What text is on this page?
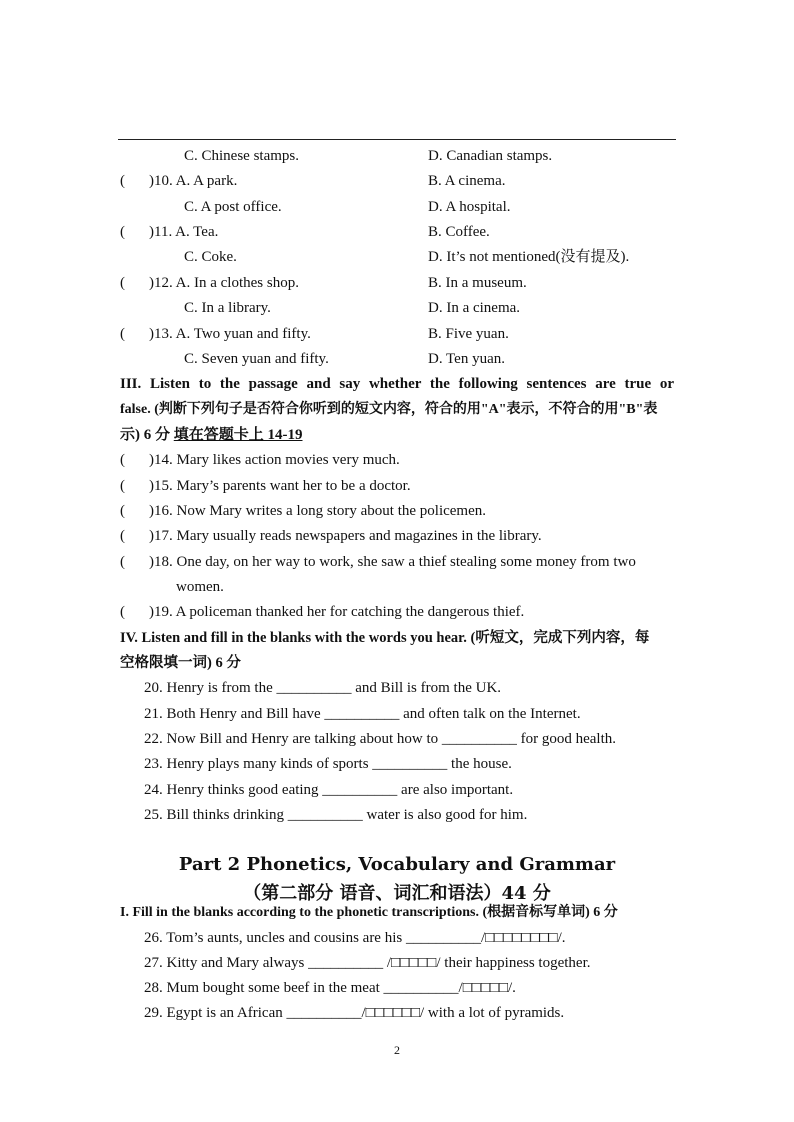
C. Chinese stamps.	D. Canadian stamps.
( )10. A. A park.	B. A cinema.
C. A post office.	D. A hospital.
( )11. A. Tea.	B. Coffee.
C. Coke.	D. It’s not mentioned(没有提及).
( )12. A. In a clothes shop.	B. In a museum.
C. In a library.	D. In a cinema.
( )13. A. Two yuan and fifty.	B. Five yuan.
C. Seven yuan and fifty.	D. Ten yuan.
III. Listen to the passage and say whether the following sentences are true or
false. (判断下列句子是否符合你听到的短文内容，符合的用"A"表示，不符合的用"B"表
示) 6 分 填在答题卡上 14-19
( )14. Mary likes action movies very much.
( )15. Mary’s parents want her to be a doctor.
( )16. Now Mary writes a long story about the policemen.
( )17. Mary usually reads newspapers and magazines in the library.
( )18. One day, on her way to work, she saw a thief stealing some money from two
women.
( )19. A policeman thanked her for catching the dangerous thief.
IV. Listen and fill in the blanks with the words you hear. (听短文，完成下列内容，每
空格限填一词) 6 分
20. Henry is from the __________ and Bill is from the UK.
21. Both Henry and Bill have __________ and often talk on the Internet.
22. Now Bill and Henry are talking about how to __________ for good health.
23. Henry plays many kinds of sports __________ the house.
24. Henry thinks good eating __________ are also important.
25. Bill thinks drinking __________ water is also good for him.
Part 2 Phonetics, Vocabulary and Grammar
（第二部分 语音、词汇和语法）44 分
I. Fill in the blanks according to the phonetic transcriptions. (根据音标写单词) 6 分
26. Tom’s aunts, uncles and cousins are his __________/□□□□□□□□/.
27. Kitty and Mary always __________ /□□□□□/ their happiness together.
28. Mum bought some beef in the meat __________/□□□□□/.
29. Egypt is an African __________/□□□□□□/ with a lot of pyramids.
2
